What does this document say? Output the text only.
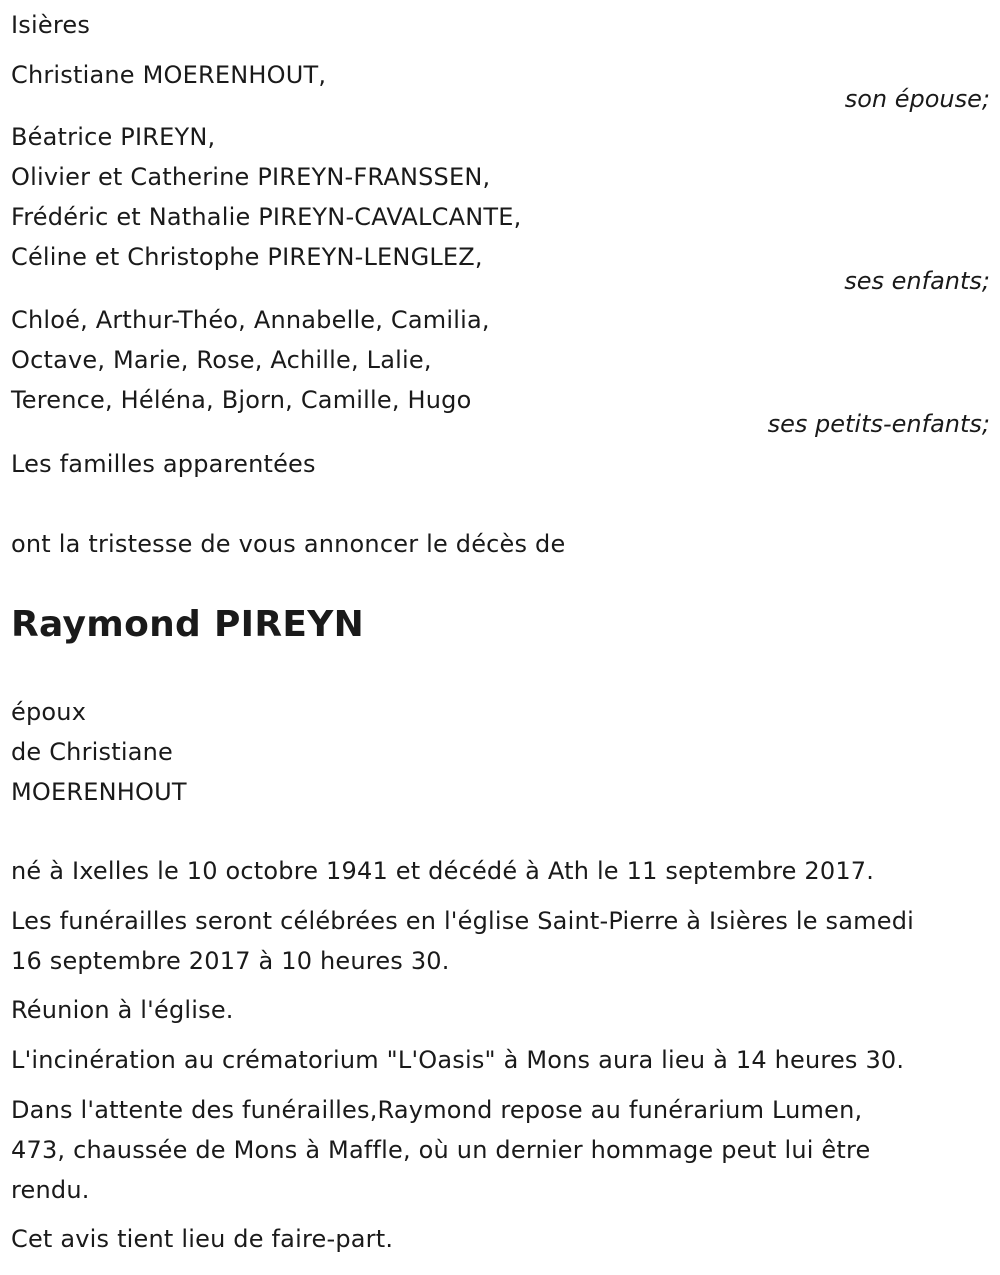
Isières
Christiane MOERENHOUT,
son épouse;
Béatrice PIREYN,
Olivier et Catherine PIREYN-FRANSSEN,
Frédéric et Nathalie PIREYN-CAVALCANTE,
Céline et Christophe PIREYN-LENGLEZ,
ses enfants;
Chloé, Arthur-Théo, Annabelle, Camilia,
Octave, Marie, Rose, Achille, Lalie,
Terence, Héléna, Bjorn, Camille, Hugo
ses petits-enfants;
Les familles apparentées
ont la tristesse de vous annoncer le décès de
Raymond PIREYN
époux
de Christiane
MOERENHOUT
né à Ixelles le 10 octobre 1941 et décédé à Ath le 11 septembre 2017.
Les funérailles seront célébrées en l'église Saint-Pierre à Isières le samedi
16 septembre 2017 à 10 heures 30.
Réunion à l'église.
L'incinération au crématorium "L'Oasis" à Mons aura lieu à 14 heures 30.
Dans l'attente des funérailles,Raymond repose au funérarium Lumen,
473, chaussée de Mons à Maffle, où un dernier hommage peut lui être
rendu.
Cet avis tient lieu de faire-part.
